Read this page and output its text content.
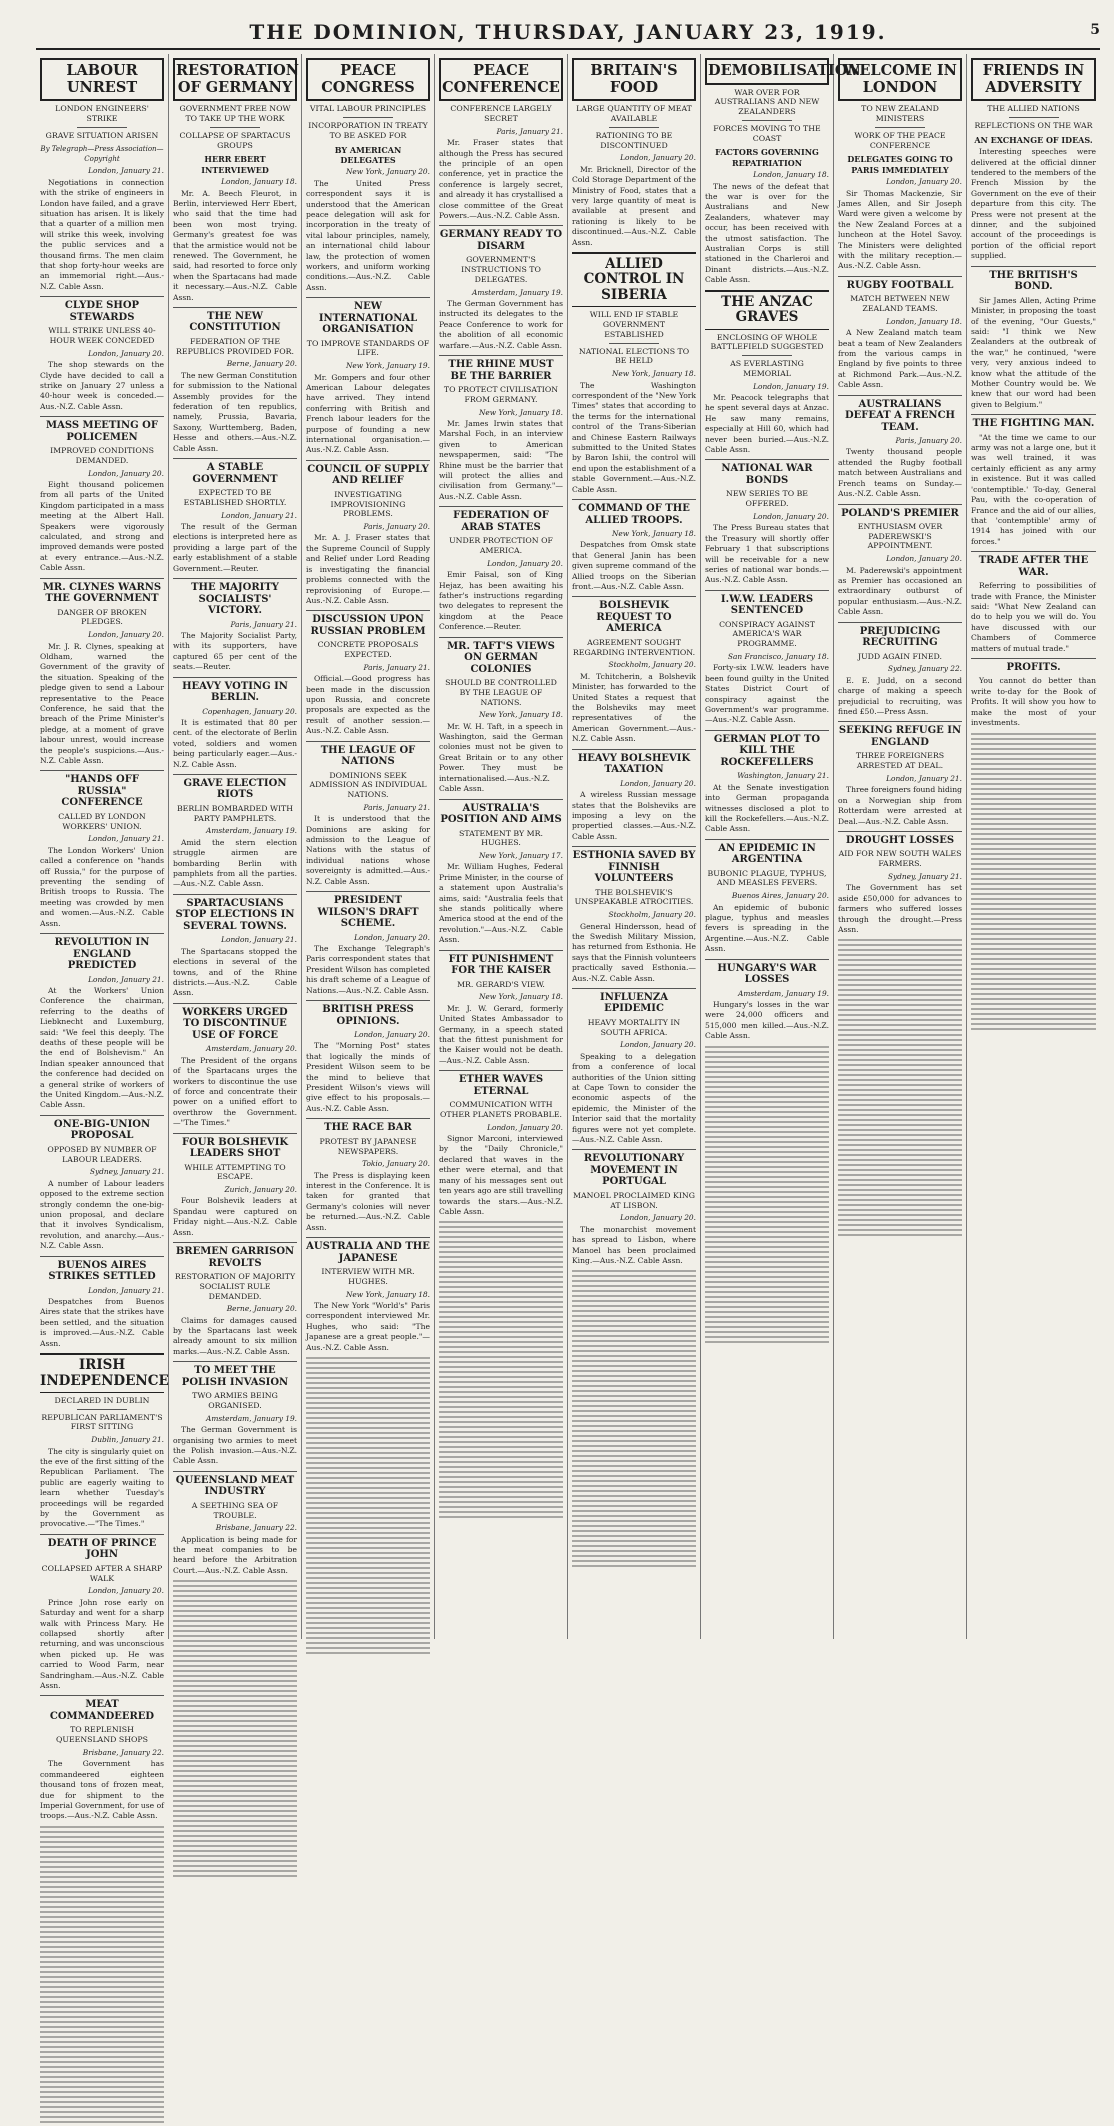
THE DOMINION, THURSDAY, JANUARY 23, 1919.	5
LABOUR UNREST
LONDON ENGINEERS' STRIKE
GRAVE SITUATION ARISEN
By Telegraph—Press Association—Copyright
London, January 21.

Negotiations in connection with the strike of engineers in London have failed, and a grave situation has arisen. It is likely that a quarter of a million men will strike this week, involving the public services and a thousand firms. The men claim that shop forty-hour weeks are an immemorial right.—Aus.-N.Z. Cable Assn.

CLYDE SHOP STEWARDS
WILL STRIKE UNLESS 40-HOUR WEEK CONCEDED
London, January 20.

The shop stewards on the Clyde have decided to call a strike on January 27 unless a 40-hour week is conceded.—Aus.-N.Z. Cable Assn.

MASS MEETING OF POLICEMEN
IMPROVED CONDITIONS DEMANDED.
London, January 20.

Eight thousand policemen from all parts of the United Kingdom participated in a mass meeting at the Albert Hall. Speakers were vigorously calculated, and strong and improved demands were posted at every entrance.—Aus.-N.Z. Cable Assn.

MR. CLYNES WARNS THE GOVERNMENT
DANGER OF BROKEN PLEDGES.
London, January 20.

Mr. J. R. Clynes, speaking at Oldham, warned the Government of the gravity of the situation. Speaking of the pledge given to send a Labour representative to the Peace Conference, he said that the breach of the Prime Minister's pledge, at a moment of grave labour unrest, would increase the people's suspicions.—Aus.-N.Z. Cable Assn.

"HANDS OFF RUSSIA" CONFERENCE
CALLED BY LONDON WORKERS' UNION.
London, January 21.

The London Workers' Union called a conference on "hands off Russia," for the purpose of preventing the sending of British troops to Russia. The meeting was crowded by men and women.—Aus.-N.Z. Cable Assn.

REVOLUTION IN ENGLAND PREDICTED
London, January 21.

At the Workers' Union Conference the chairman, referring to the deaths of Liebknecht and Luxemburg, said: "We feel this deeply. The deaths of these people will be the end of Bolshevism." An Indian speaker announced that the conference had decided on a general strike of workers of the United Kingdom.—Aus.-N.Z. Cable Assn.

ONE-BIG-UNION PROPOSAL
OPPOSED BY NUMBER OF LABOUR LEADERS.
Sydney, January 21.

A number of Labour leaders opposed to the extreme section strongly condemn the one-big-union proposal, and declare that it involves Syndicalism, revolution, and anarchy.—Aus.-N.Z. Cable Assn.

BUENOS AIRES STRIKES SETTLED
London, January 21.

Despatches from Buenos Aires state that the strikes have been settled, and the situation is improved.—Aus.-N.Z. Cable Assn.

IRISH INDEPENDENCE
DECLARED IN DUBLIN
REPUBLICAN PARLIAMENT'S FIRST SITTING
Dublin, January 21.

The city is singularly quiet on the eve of the first sitting of the Republican Parliament. The public are eagerly waiting to learn whether Tuesday's proceedings will be regarded by the Government as provocative.—"The Times."

DEATH OF PRINCE JOHN
COLLAPSED AFTER A SHARP WALK
London, January 20.

Prince John rose early on Saturday and went for a sharp walk with Princess Mary. He collapsed shortly after returning, and was unconscious when picked up. He was carried to Wood Farm, near Sandringham.—Aus.-N.Z. Cable Assn.

MEAT COMMANDEERED
TO REPLENISH QUEENSLAND SHOPS
Brisbane, January 22.

The Government has commandeered eighteen thousand tons of frozen meat, due for shipment to the Imperial Government, for use of troops.—Aus.-N.Z. Cable Assn.

RESTORATION OF GERMANY
GOVERNMENT FREE NOW TO TAKE UP THE WORK
COLLAPSE OF SPARTACUS GROUPS
HERR EBERT INTERVIEWED
London, January 18.

Mr. A. Beech Fleurot, in Berlin, interviewed Herr Ebert, who said that the time had been won most trying. Germany's greatest foe was that the armistice would not be renewed. The Government, he said, had resorted to force only when the Spartacans had made it necessary.—Aus.-N.Z. Cable Assn.

THE NEW CONSTITUTION
FEDERATION OF THE REPUBLICS PROVIDED FOR.
Berne, January 20.

The new German Constitution for submission to the National Assembly provides for the federation of ten republics, namely, Prussia, Bavaria, Saxony, Wurttemberg, Baden, Hesse and others.—Aus.-N.Z. Cable Assn.

A STABLE GOVERNMENT
EXPECTED TO BE ESTABLISHED SHORTLY.
London, January 21.

The result of the German elections is interpreted here as providing a large part of the early establishment of a stable Government.—Reuter.

THE MAJORITY SOCIALISTS' VICTORY.
Paris, January 21.

The Majority Socialist Party, with its supporters, have captured 65 per cent of the seats.—Reuter.

HEAVY VOTING IN BERLIN.
Copenhagen, January 20.

It is estimated that 80 per cent. of the electorate of Berlin voted, soldiers and women being particularly eager.—Aus.-N.Z. Cable Assn.

GRAVE ELECTION RIOTS
BERLIN BOMBARDED WITH PARTY PAMPHLETS.
Amsterdam, January 19.

Amid the stern election struggle airmen are bombarding Berlin with pamphlets from all the parties.—Aus.-N.Z. Cable Assn.

SPARTACUSIANS STOP ELECTIONS IN SEVERAL TOWNS.
London, January 21.

The Spartacans stopped the elections in several of the towns, and of the Rhine districts.—Aus.-N.Z. Cable Assn.

WORKERS URGED TO DISCONTINUE USE OF FORCE
Amsterdam, January 20.

The President of the organs of the Spartacans urges the workers to discontinue the use of force and concentrate their power on a unified effort to overthrow the Government.—"The Times."

FOUR BOLSHEVIK LEADERS SHOT
WHILE ATTEMPTING TO ESCAPE.
Zurich, January 20.

Four Bolshevik leaders at Spandau were captured on Friday night.—Aus.-N.Z. Cable Assn.

BREMEN GARRISON REVOLTS
RESTORATION OF MAJORITY SOCIALIST RULE DEMANDED.
Berne, January 20.

Claims for damages caused by the Spartacans last week already amount to six million marks.—Aus.-N.Z. Cable Assn.

TO MEET THE POLISH INVASION
TWO ARMIES BEING ORGANISED.
Amsterdam, January 19.

The German Government is organising two armies to meet the Polish invasion.—Aus.-N.Z. Cable Assn.

QUEENSLAND MEAT INDUSTRY
A SEETHING SEA OF TROUBLE.
Brisbane, January 22.

Application is being made for the meat companies to be heard before the Arbitration Court.—Aus.-N.Z. Cable Assn.

PEACE CONGRESS
VITAL LABOUR PRINCIPLES
INCORPORATION IN TREATY TO BE ASKED FOR
BY AMERICAN DELEGATES
New York, January 20.

The United Press correspondent says it is understood that the American peace delegation will ask for incorporation in the treaty of vital labour principles, namely, an international child labour law, the protection of women workers, and uniform working conditions.—Aus.-N.Z. Cable Assn.

NEW INTERNATIONAL ORGANISATION
TO IMPROVE STANDARDS OF LIFE.
New York, January 19.

Mr. Gompers and four other American Labour delegates have arrived. They intend conferring with British and French labour leaders for the purpose of founding a new international organisation.—Aus.-N.Z. Cable Assn.

COUNCIL OF SUPPLY AND RELIEF
INVESTIGATING IMPROVISIONING PROBLEMS.
Paris, January 20.

Mr. A. J. Fraser states that the Supreme Council of Supply and Relief under Lord Reading is investigating the financial problems connected with the reprovisioning of Europe.—Aus.-N.Z. Cable Assn.

DISCUSSION UPON RUSSIAN PROBLEM
CONCRETE PROPOSALS EXPECTED.
Paris, January 21.

Official.—Good progress has been made in the discussion upon Russia, and concrete proposals are expected as the result of another session.—Aus.-N.Z. Cable Assn.

THE LEAGUE OF NATIONS
DOMINIONS SEEK ADMISSION AS INDIVIDUAL NATIONS.
Paris, January 21.

It is understood that the Dominions are asking for admission to the League of Nations with the status of individual nations whose sovereignty is admitted.—Aus.-N.Z. Cable Assn.

PRESIDENT WILSON'S DRAFT SCHEME.
London, January 20.

The Exchange Telegraph's Paris correspondent states that President Wilson has completed his draft scheme of a League of Nations.—Aus.-N.Z. Cable Assn.

BRITISH PRESS OPINIONS.
London, January 20.

The "Morning Post" states that logically the minds of President Wilson seem to be the mind to believe that President Wilson's views will give effect to his proposals.—Aus.-N.Z. Cable Assn.

THE RACE BAR
PROTEST BY JAPANESE NEWSPAPERS.
Tokio, January 20.

The Press is displaying keen interest in the Conference. It is taken for granted that Germany's colonies will never be returned.—Aus.-N.Z. Cable Assn.

AUSTRALIA AND THE JAPANESE
INTERVIEW WITH MR. HUGHES.
New York, January 18.

The New York "World's" Paris correspondent interviewed Mr. Hughes, who said: "The Japanese are a great people."—Aus.-N.Z. Cable Assn.

PEACE CONFERENCE
CONFERENCE LARGELY SECRET
Paris, January 21.

Mr. Fraser states that although the Press has secured the principle of an open conference, yet in practice the conference is largely secret, and already it has crystallised a close committee of the Great Powers.—Aus.-N.Z. Cable Assn.

GERMANY READY TO DISARM
GOVERNMENT'S INSTRUCTIONS TO DELEGATES.
Amsterdam, January 19.

The German Government has instructed its delegates to the Peace Conference to work for the abolition of all economic warfare.—Aus.-N.Z. Cable Assn.

THE RHINE MUST BE THE BARRIER
TO PROTECT CIVILISATION FROM GERMANY.
New York, January 18.

Mr. James Irwin states that Marshal Foch, in an interview given to American newspapermen, said: "The Rhine must be the barrier that will protect the allies and civilisation from Germany."—Aus.-N.Z. Cable Assn.

FEDERATION OF ARAB STATES
UNDER PROTECTION OF AMERICA.
London, January 20.

Emir Faisal, son of King Hejaz, has been awaiting his father's instructions regarding two delegates to represent the kingdom at the Peace Conference.—Reuter.

MR. TAFT'S VIEWS ON GERMAN COLONIES
SHOULD BE CONTROLLED BY THE LEAGUE OF NATIONS.
New York, January 18.

Mr. W. H. Taft, in a speech in Washington, said the German colonies must not be given to Great Britain or to any other Power. They must be internationalised.—Aus.-N.Z. Cable Assn.

AUSTRALIA'S POSITION AND AIMS
STATEMENT BY MR. HUGHES.
New York, January 17.

Mr. William Hughes, Federal Prime Minister, in the course of a statement upon Australia's aims, said: "Australia feels that she stands politically where America stood at the end of the revolution."—Aus.-N.Z. Cable Assn.

FIT PUNISHMENT FOR THE KAISER
MR. GERARD'S VIEW.
New York, January 18.

Mr. J. W. Gerard, formerly United States Ambassador to Germany, in a speech stated that the fittest punishment for the Kaiser would not be death.—Aus.-N.Z. Cable Assn.

ETHER WAVES ETERNAL
COMMUNICATION WITH OTHER PLANETS PROBABLE.
London, January 20.

Signor Marconi, interviewed by the "Daily Chronicle," declared that waves in the ether were eternal, and that many of his messages sent out ten years ago are still travelling towards the stars.—Aus.-N.Z. Cable Assn.

BRITAIN'S FOOD
LARGE QUANTITY OF MEAT AVAILABLE
RATIONING TO BE DISCONTINUED
London, January 20.

Mr. Bricknell, Director of the Cold Storage Department of the Ministry of Food, states that a very large quantity of meat is available at present and rationing is likely to be discontinued.—Aus.-N.Z. Cable Assn.

ALLIED CONTROL IN SIBERIA
WILL END IF STABLE GOVERNMENT ESTABLISHED
NATIONAL ELECTIONS TO BE HELD
New York, January 18.

The Washington correspondent of the "New York Times" states that according to the terms for the international control of the Trans-Siberian and Chinese Eastern Railways submitted to the United States by Baron Ishii, the control will end upon the establishment of a stable Government.—Aus.-N.Z. Cable Assn.

COMMAND OF THE ALLIED TROOPS.
New York, January 18.

Despatches from Omsk state that General Janin has been given supreme command of the Allied troops on the Siberian front.—Aus.-N.Z. Cable Assn.

BOLSHEVIK REQUEST TO AMERICA
AGREEMENT SOUGHT REGARDING INTERVENTION.
Stockholm, January 20.

M. Tchitcherin, a Bolshevik Minister, has forwarded to the United States a request that the Bolsheviks may meet representatives of the American Government.—Aus.-N.Z. Cable Assn.

HEAVY BOLSHEVIK TAXATION
London, January 20.

A wireless Russian message states that the Bolsheviks are imposing a levy on the propertied classes.—Aus.-N.Z. Cable Assn.

ESTHONIA SAVED BY FINNISH VOLUNTEERS
THE BOLSHEVIK'S UNSPEAKABLE ATROCITIES.
Stockholm, January 20.

General Hindersson, head of the Swedish Military Mission, has returned from Esthonia. He says that the Finnish volunteers practically saved Esthonia.—Aus.-N.Z. Cable Assn.

INFLUENZA EPIDEMIC
HEAVY MORTALITY IN SOUTH AFRICA.
London, January 20.

Speaking to a delegation from a conference of local authorities of the Union sitting at Cape Town to consider the economic aspects of the epidemic, the Minister of the Interior said that the mortality figures were not yet complete.—Aus.-N.Z. Cable Assn.

REVOLUTIONARY MOVEMENT IN PORTUGAL
MANOEL PROCLAIMED KING AT LISBON.
London, January 20.

The monarchist movement has spread to Lisbon, where Manoel has been proclaimed King.—Aus.-N.Z. Cable Assn.

DEMOBILISATION
WAR OVER FOR AUSTRALIANS AND NEW ZEALANDERS
FORCES MOVING TO THE COAST
FACTORS GOVERNING REPATRIATION
London, January 18.

The news of the defeat that the war is over for the Australians and New Zealanders, whatever may occur, has been received with the utmost satisfaction. The Australian Corps is still stationed in the Charleroi and Dinant districts.—Aus.-N.Z. Cable Assn.

THE ANZAC GRAVES
ENCLOSING OF WHOLE BATTLEFIELD SUGGESTED
AS EVERLASTING MEMORIAL
London, January 19.

Mr. Peacock telegraphs that he spent several days at Anzac. He saw many remains, especially at Hill 60, which had never been buried.—Aus.-N.Z. Cable Assn.

NATIONAL WAR BONDS
NEW SERIES TO BE OFFERED.
London, January 20.

The Press Bureau states that the Treasury will shortly offer February 1 that subscriptions will be receivable for a new series of national war bonds.—Aus.-N.Z. Cable Assn.

I.W.W. LEADERS SENTENCED
CONSPIRACY AGAINST AMERICA'S WAR PROGRAMME.
San Francisco, January 18.

Forty-six I.W.W. leaders have been found guilty in the United States District Court of conspiracy against the Government's war programme.—Aus.-N.Z. Cable Assn.

GERMAN PLOT TO KILL THE ROCKEFELLERS
Washington, January 21.

At the Senate investigation into German propaganda witnesses disclosed a plot to kill the Rockefellers.—Aus.-N.Z. Cable Assn.

AN EPIDEMIC IN ARGENTINA
BUBONIC PLAGUE, TYPHUS, AND MEASLES FEVERS.
Buenos Aires, January 20.

An epidemic of bubonic plague, typhus and measles fevers is spreading in the Argentine.—Aus.-N.Z. Cable Assn.

HUNGARY'S WAR LOSSES
Amsterdam, January 19.

Hungary's losses in the war were 24,000 officers and 515,000 men killed.—Aus.-N.Z. Cable Assn.

WELCOME IN LONDON
TO NEW ZEALAND MINISTERS
WORK OF THE PEACE CONFERENCE
DELEGATES GOING TO PARIS IMMEDIATELY
London, January 20.

Sir Thomas Mackenzie, Sir James Allen, and Sir Joseph Ward were given a welcome by the New Zealand Forces at a luncheon at the Hotel Savoy. The Ministers were delighted with the military reception.—Aus.-N.Z. Cable Assn.

RUGBY FOOTBALL
MATCH BETWEEN NEW ZEALAND TEAMS.
London, January 18.

A New Zealand match team beat a team of New Zealanders from the various camps in England by five points to three at Richmond Park.—Aus.-N.Z. Cable Assn.

AUSTRALIANS DEFEAT A FRENCH TEAM.
Paris, January 20.

Twenty thousand people attended the Rugby football match between Australians and French teams on Sunday.—Aus.-N.Z. Cable Assn.

POLAND'S PREMIER
ENTHUSIASM OVER PADEREWSKI'S APPOINTMENT.
London, January 20.

M. Paderewski's appointment as Premier has occasioned an extraordinary outburst of popular enthusiasm.—Aus.-N.Z. Cable Assn.

PREJUDICING RECRUITING
JUDD AGAIN FINED.
Sydney, January 22.

E. E. Judd, on a second charge of making a speech prejudicial to recruiting, was fined £50.—Press Assn.

SEEKING REFUGE IN ENGLAND
THREE FOREIGNERS ARRESTED AT DEAL.
London, January 21.

Three foreigners found hiding on a Norwegian ship from Rotterdam were arrested at Deal.—Aus.-N.Z. Cable Assn.

DROUGHT LOSSES
AID FOR NEW SOUTH WALES FARMERS.
Sydney, January 21.

The Government has set aside £50,000 for advances to farmers who suffered losses through the drought.—Press Assn.

FRIENDS IN ADVERSITY
THE ALLIED NATIONS
REFLECTIONS ON THE WAR
AN EXCHANGE OF IDEAS.

Interesting speeches were delivered at the official dinner tendered to the members of the French Mission by the Government on the eve of their departure from this city. The Press were not present at the dinner, and the subjoined account of the proceedings is portion of the official report supplied.

THE BRITISH'S BOND.

Sir James Allen, Acting Prime Minister, in proposing the toast of the evening, "Our Guests," said: "I think we New Zealanders at the outbreak of the war," he continued, "were very, very anxious indeed to know what the attitude of the Mother Country would be. We knew that our word had been given to Belgium."

THE FIGHTING MAN.

"At the time we came to our army was not a large one, but it was well trained, it was certainly efficient as any army in existence. But it was called 'contemptible.' To-day, General Pau, with the co-operation of France and the aid of our allies, that 'contemptible' army of 1914 has joined with our forces."

TRADE AFTER THE WAR.

Referring to possibilities of trade with France, the Minister said: "What New Zealand can do to help you we will do. You have discussed with our Chambers of Commerce matters of mutual trade."

PROFITS.

You cannot do better than write to-day for the Book of Profits. It will show you how to make the most of your investments.
